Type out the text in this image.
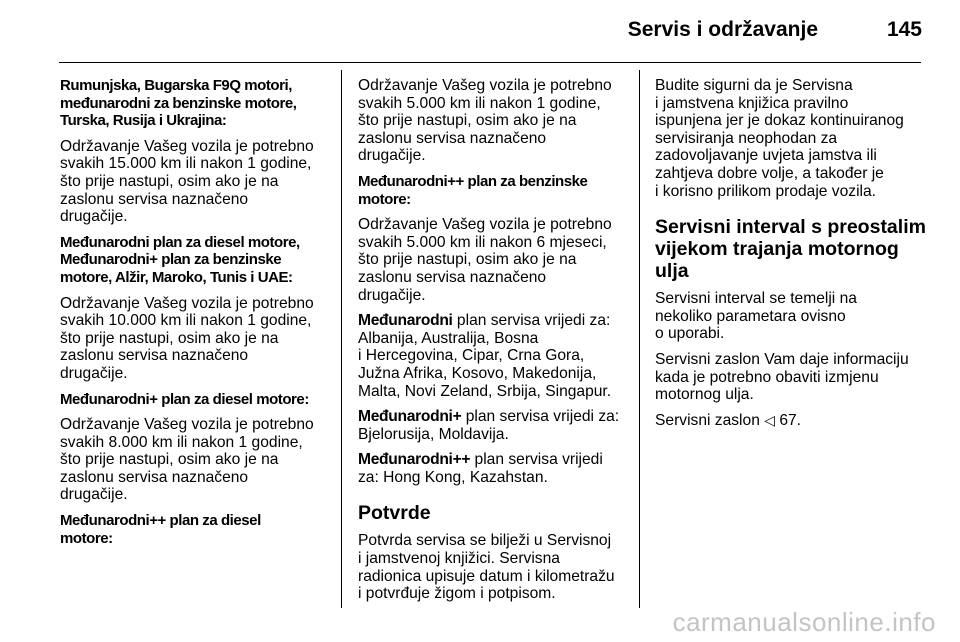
Servis i održavanje	145

Rumunjska, Bugarska F9Q motori,
međunarodni za benzinske motore,
Turska, Rusija i Ukrajina:

Održavanje Vašeg vozila je potrebno
svakih 15.000 km ili nakon 1 godine,
što prije nastupi, osim ako je na
zaslonu servisa naznačeno
drugačije.

Međunarodni plan za diesel motore,
Međunarodni+ plan za benzinske
motore, Alžir, Maroko, Tunis i UAE:

Održavanje Vašeg vozila je potrebno
svakih 10.000 km ili nakon 1 godine,
što prije nastupi, osim ako je na
zaslonu servisa naznačeno
drugačije.

Međunarodni+ plan za diesel motore:

Održavanje Vašeg vozila je potrebno
svakih 8.000 km ili nakon 1 godine,
što prije nastupi, osim ako je na
zaslonu servisa naznačeno
drugačije.

Međunarodni++ plan za diesel
motore:

Održavanje Vašeg vozila je potrebno
svakih 5.000 km ili nakon 1 godine,
što prije nastupi, osim ako je na
zaslonu servisa naznačeno
drugačije.

Međunarodni++ plan za benzinske
motore:

Održavanje Vašeg vozila je potrebno
svakih 5.000 km ili nakon 6 mjeseci,
što prije nastupi, osim ako je na
zaslonu servisa naznačeno
drugačije.

Međunarodni plan servisa vrijedi za:
Albanija, Australija, Bosna
i Hercegovina, Cipar, Crna Gora,
Južna Afrika, Kosovo, Makedonija,
Malta, Novi Zeland, Srbija, Singapur.

Međunarodni+ plan servisa vrijedi za:
Bjelorusija, Moldavija.

Međunarodni++ plan servisa vrijedi
za: Hong Kong, Kazahstan.

Potvrde

Potvrda servisa se bilježi u Servisnoj
i jamstvenoj knjižici. Servisna
radionica upisuje datum i kilometražu
i potvrđuje žigom i potpisom.

Budite sigurni da je Servisna
i jamstvena knjižica pravilno
ispunjena jer je dokaz kontinuiranog
servisiranja neophodan za
zadovoljavanje uvjeta jamstva ili
zahtjeva dobre volje, a također je
i korisno prilikom prodaje vozila.

Servisni interval s preostalim
vijekom trajanja motornog ulja

Servisni interval se temelji na
nekoliko parametara ovisno
o uporabi.

Servisni zaslon Vam daje informaciju
kada je potrebno obaviti izmjenu
motornog ulja.

Servisni zaslon ◁ 67.

carmanualsonline.info
